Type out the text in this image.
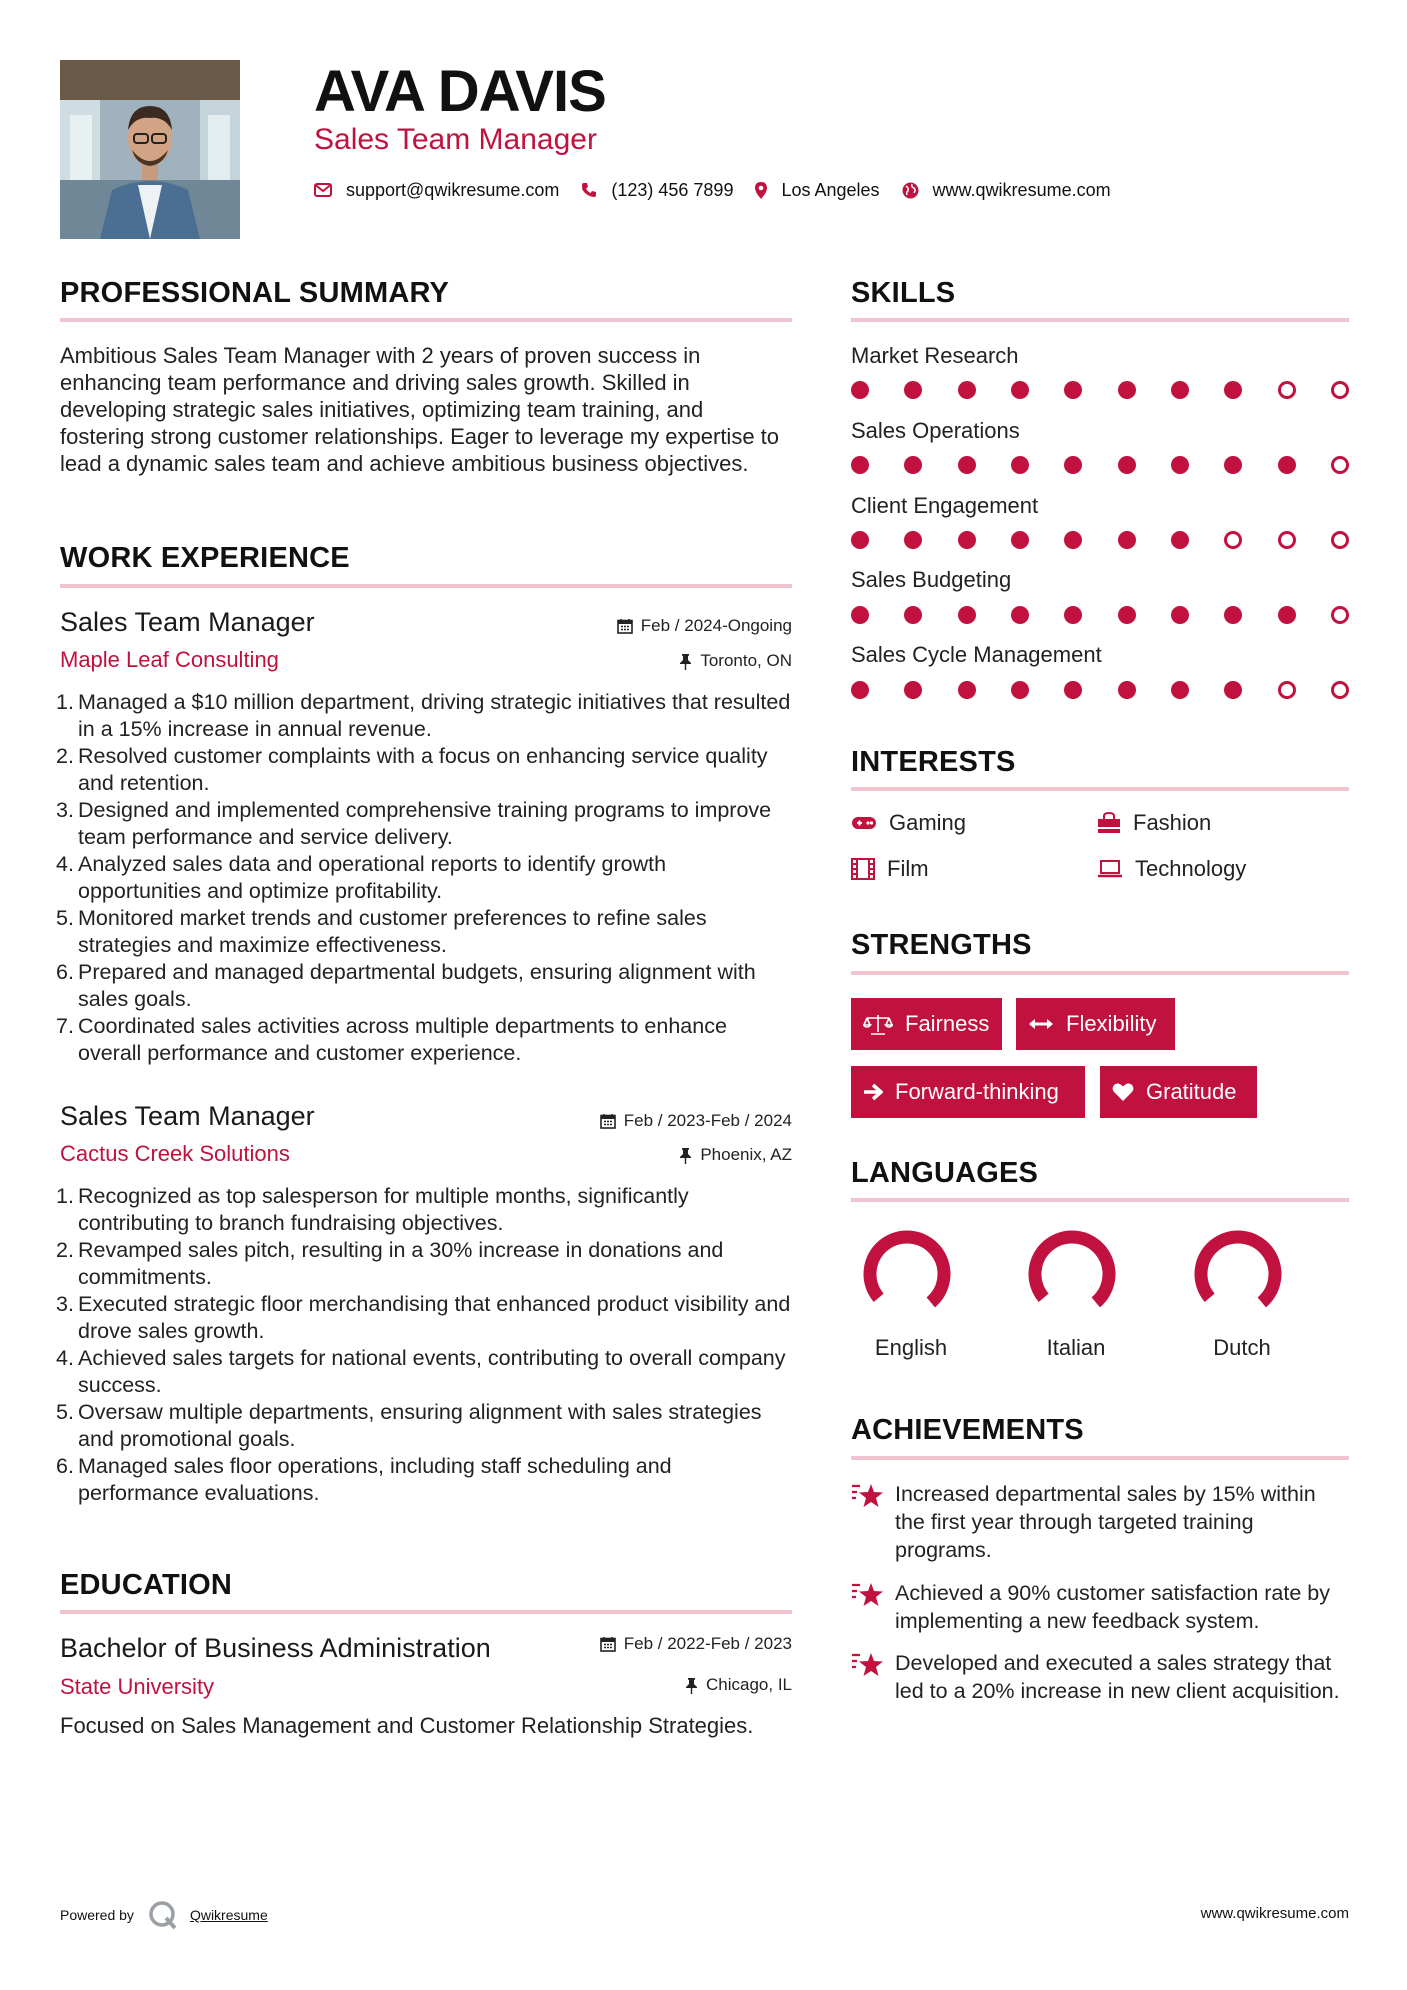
AVA DAVIS
Sales Team Manager
support@qwikresume.com	(123) 456 7899	Los Angeles	www.qwikresume.com
PROFESSIONAL SUMMARY
Ambitious Sales Team Manager with 2 years of proven success in enhancing team performance and driving sales growth. Skilled in developing strategic sales initiatives, optimizing team training, and fostering strong customer relationships. Eager to leverage my expertise to lead a dynamic sales team and achieve ambitious business objectives.
WORK EXPERIENCE
Sales Team Manager	Feb / 2024-Ongoing
Maple Leaf Consulting	Toronto, ON
1. Managed a $10 million department, driving strategic initiatives that resulted in a 15% increase in annual revenue.
2. Resolved customer complaints with a focus on enhancing service quality and retention.
3. Designed and implemented comprehensive training programs to improve team performance and service delivery.
4. Analyzed sales data and operational reports to identify growth opportunities and optimize profitability.
5. Monitored market trends and customer preferences to refine sales strategies and maximize effectiveness.
6. Prepared and managed departmental budgets, ensuring alignment with sales goals.
7. Coordinated sales activities across multiple departments to enhance overall performance and customer experience.
Sales Team Manager	Feb / 2023-Feb / 2024
Cactus Creek Solutions	Phoenix, AZ
1. Recognized as top salesperson for multiple months, significantly contributing to branch fundraising objectives.
2. Revamped sales pitch, resulting in a 30% increase in donations and commitments.
3. Executed strategic floor merchandising that enhanced product visibility and drove sales growth.
4. Achieved sales targets for national events, contributing to overall company success.
5. Oversaw multiple departments, ensuring alignment with sales strategies and promotional goals.
6. Managed sales floor operations, including staff scheduling and performance evaluations.
EDUCATION
Bachelor of Business Administration	Feb / 2022-Feb / 2023
State University	Chicago, IL
Focused on Sales Management and Customer Relationship Strategies.
SKILLS
Market Research
Sales Operations
Client Engagement
Sales Budgeting
Sales Cycle Management
INTERESTS
Gaming	Fashion
Film	Technology
STRENGTHS
Fairness	Flexibility
Forward-thinking	Gratitude
LANGUAGES
English	Italian	Dutch
ACHIEVEMENTS
Increased departmental sales by 15% within the first year through targeted training programs.
Achieved a 90% customer satisfaction rate by implementing a new feedback system.
Developed and executed a sales strategy that led to a 20% increase in new client acquisition.
Powered by	Qwikresume	www.qwikresume.com
